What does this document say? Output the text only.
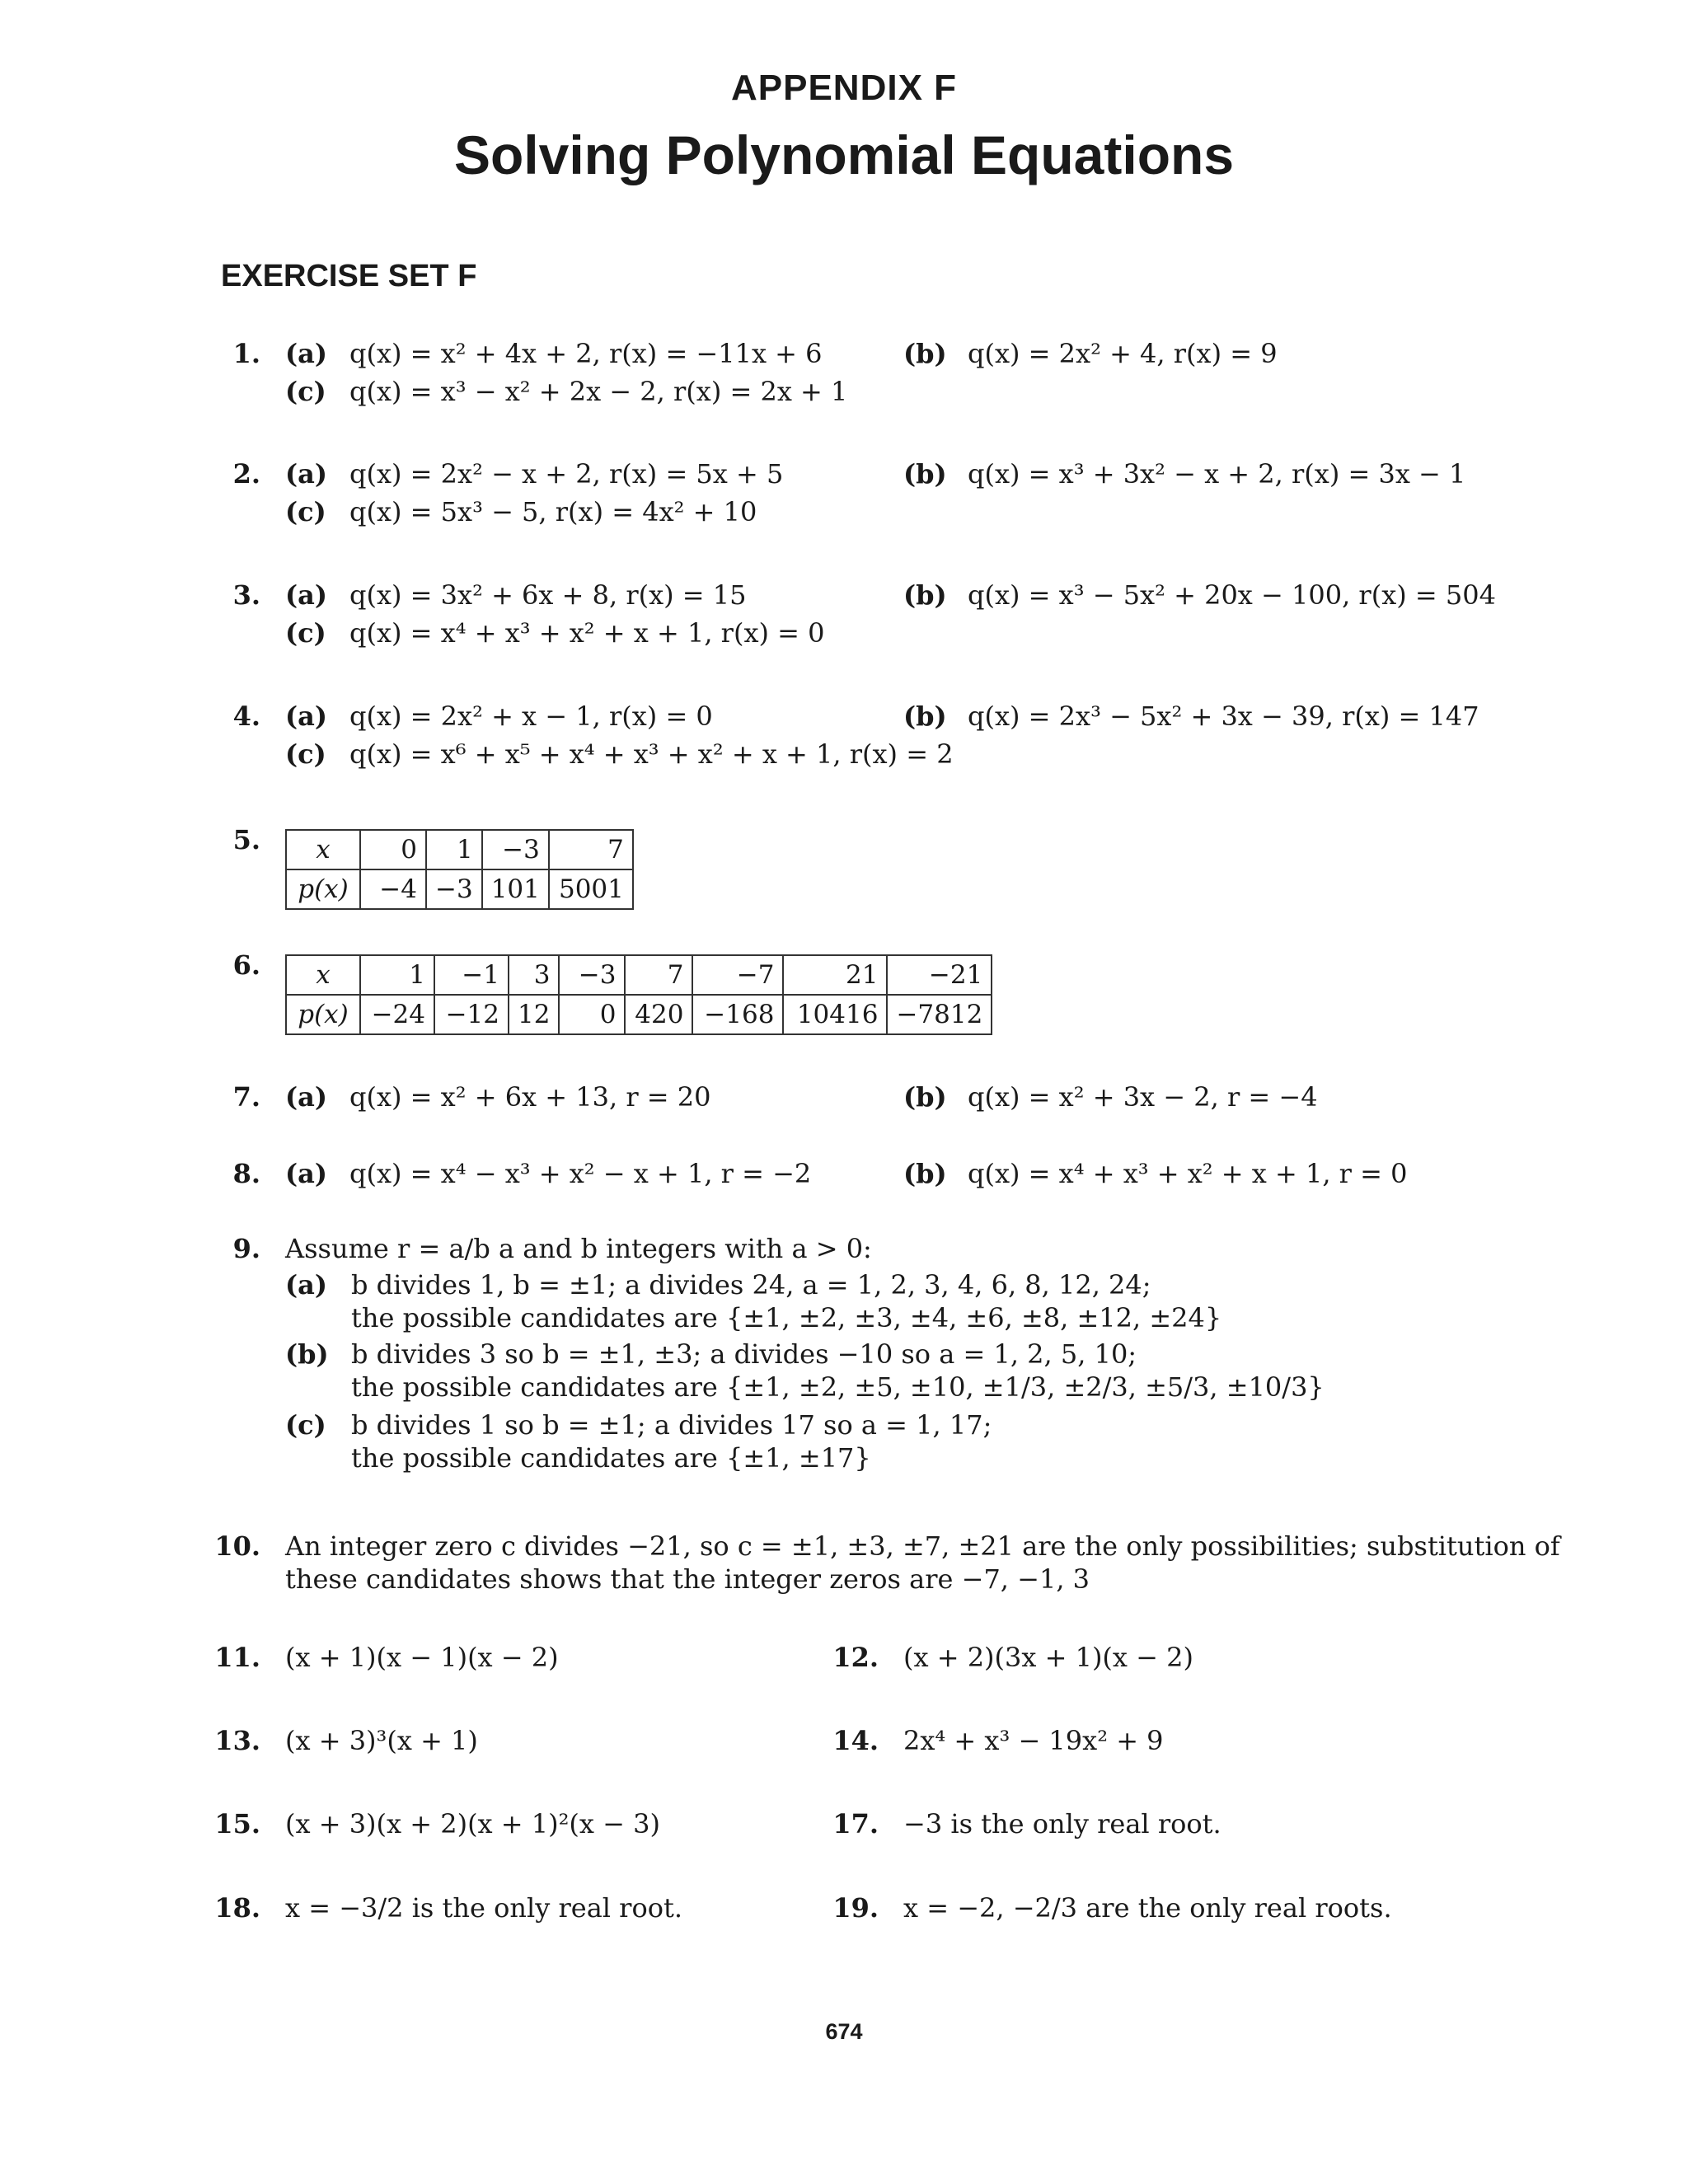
APPENDIX F
Solving Polynomial Equations
EXERCISE SET F
1. (a) q(x) = x² + 4x + 2, r(x) = −11x + 6	(b) q(x) = 2x² + 4, r(x) = 9
(c) q(x) = x³ − x² + 2x − 2, r(x) = 2x + 1
2. (a) q(x) = 2x² − x + 2, r(x) = 5x + 5	(b) q(x) = x³ + 3x² − x + 2, r(x) = 3x − 1
(c) q(x) = 5x³ − 5, r(x) = 4x² + 10
3. (a) q(x) = 3x² + 6x + 8, r(x) = 15	(b) q(x) = x³ − 5x² + 20x − 100, r(x) = 504
(c) q(x) = x⁴ + x³ + x² + x + 1, r(x) = 0
4. (a) q(x) = 2x² + x − 1, r(x) = 0	(b) q(x) = 2x³ − 5x² + 3x − 39, r(x) = 147
(c) q(x) = x⁶ + x⁵ + x⁴ + x³ + x² + x + 1, r(x) = 2
5. x	0	1	−3	7
p(x)	−4	−3	101	5001
6. x	1	−1	3	−3	7	−7	21	−21
p(x)	−24	−12	12	0	420	−168	10416	−7812
7. (a) q(x) = x² + 6x + 13, r = 20	(b) q(x) = x² + 3x − 2, r = −4
8. (a) q(x) = x⁴ − x³ + x² − x + 1, r = −2	(b) q(x) = x⁴ + x³ + x² + x + 1, r = 0
9. Assume r = a/b a and b integers with a > 0:
(a) b divides 1, b = ±1; a divides 24, a = 1, 2, 3, 4, 6, 8, 12, 24;
the possible candidates are {±1, ±2, ±3, ±4, ±6, ±8, ±12, ±24}
(b) b divides 3 so b = ±1, ±3; a divides −10 so a = 1, 2, 5, 10;
the possible candidates are {±1, ±2, ±5, ±10, ±1/3, ±2/3, ±5/3, ±10/3}
(c) b divides 1 so b = ±1; a divides 17 so a = 1, 17;
the possible candidates are {±1, ±17}
10. An integer zero c divides −21, so c = ±1, ±3, ±7, ±21 are the only possibilities; substitution of
these candidates shows that the integer zeros are −7, −1, 3
11. (x + 1)(x − 1)(x − 2)	12. (x + 2)(3x + 1)(x − 2)
13. (x + 3)³(x + 1)	14. 2x⁴ + x³ − 19x² + 9
15. (x + 3)(x + 2)(x + 1)²(x − 3)	17. −3 is the only real root.
18. x = −3/2 is the only real root.	19. x = −2, −2/3 are the only real roots.
674
